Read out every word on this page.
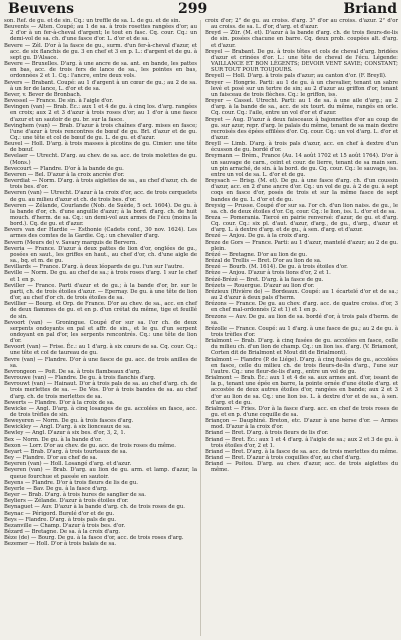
Beuvens	299	Briand

son. Ref. de gu. et de sin. Cq.: un treffle de sa. L. de gu. et de sin.

Beuvents — Alten. Coupé; au 1 de sa. à trois rosettes rangées d'or; au 2 d'or à un fer-à-cheval d'argent; le tout en fasc. Cq. cour. Cq.: un demi-vol de sa. ch. d'une fasce d'or. L. d'or et de sa.

Bevere — Zél. D'or à la fasce de gu., surm. d'un fer-à-cheval d'azur, et acc. de six flanchis de gu. 3 en chef et 3 en p. L.: d'argent et de gu. à sept gu. D'Alsace.

Bevere — Bruxelles. D'arg. à une ancre de sa. ant. en bande, les pattes en bas, acc. de trois fers de lance de sa., les pointes en bas, ordonnées 2 et 1. Cq.: l'ancre, entre deux vols.

Bevers — Brabant. Coupé: au 1 d'argent à un cœur de gu.; au 2 de sa. à un fer de lance, L. d'or et de sa.

Bever, v. Bever de Bronbach.

Bevessel — France. De sin. à l'aigle d'or.

Bevingen (van) — Brab. Éc.: aux 1 et 4 de gu. à cinq los. d'arg. rangées en croix; aux 2 et 3 d'azur à trois roses d'or; au 1 d'or à une fasce d'azur et un sautoir de gu. br. sur la fasce.

Bevinghem (van) — Brab. D'azur à trois chaînes d'arg. mises en fasce; l'une d'azur à trois rencontres de bœuf de gu. Brl. d'azur et de gu. Cq.: une tête et col de bœuf de gu. L. de gu. et d'azur.

Beuvel — Holl. D'arg. à trois masses à picotins de gu. Cimier: une tête de bœuf.

Bevelaer — Utrecht. D'arg. au chev. de sa. acc. de trois molettes de gu. (Mons.)

Bevecourt — Flandre. D'or à la bande de gu.

Beveren — Bel. D'azur à la croix ancrée d'or.

Beverdiat — Norm. D'arg. à trois aiglettes de sa., au chef d'azur, ch. de trois bes. d'or.

Beveren (van) — Utrecht. D'azur à la croix d'or, acc. de trois cerquelets de gu. au milieu d'azur et ch. de trois bes. d'or.

Beveren — Zélande, Courlande (Nob. de Suède, 5 oct. 1604). De gu. à la bande d'or, ch. d'une anguille d'azur; à la bord. d'arg. ch. de huit mouch. d'herm. de sa. Cq.: un demi-vol aux armes de l'écu (moins la bord.). Cq. de gu. et d'azur.

Bevers van der Hardie — Esthonie (Cadets conf., 30 nov. 1624). Les armes des comtes de la Gardie. Cq.: un chevalier d'arg.

Bevern (Meurs de) v. Savary marquis de Bervern.

Beveria — France. D'azur à deux pattes de lion d'or, onglées de gu., posées en saut., les griffes en haut., au chef d'or, ch. d'une aigle de sa., bq. et m. de gu.

Bevillards — France. D'arg. à deux léopards de gu. l'un sur l'autre.

Beville — Norm. De gu. au chef de sa.; à trois roses d'arg. 1 sur le chef et 1 en p.

Beviller — France. Parti d'azur et de gu.; à la bande d'or, br. sur le parti, ch. de trois étoiles d'azur. — Epernay. De gu. à une tête de lion d'or, au chef d'or ch. de trois étoiles de sa.

Bevillier — Bourg. et Orp. de France. D'or au chev. de sa., acc. en chef de deux flammes de gu. et en p. d'un crétat du même, tige et feuillé de sin.

Bevoort (van) — Groningue. Coupé d'or sur sa. l'or ch. de deux serpents ondoyants en pal et affr. de sin., et le gu. d'un serpent ondoyant en pal d'or, les serpents rencontrés. Cq.: une tête de lion d'or.

Bevoort (van) — Frise. Éc.: au 1 d'arg. à six cœurs de sa. Cq. cour. Cq.: une tête et col de taureau de gu.

Bevre (van) — Flandre. D'or à une fasce de gu. acc. de trois anilles de sa.

Bevrongeon — Poit. De sa. à trois flambeaux d'arg.

Bevrouwe (van) — Flandre. De gu. à trois flanchis d'arg.

Bevrouwt (van) — Hainaut. D'or à trois pals de sa. au chef d'arg. ch. de trois merlettes de sa. — De Vos. D'or à trois bandes de sa. au chef d'arg. ch. de trois merlettes de sa.

Bewerts — Flandre. D'or à la croix de sa.

Bewicke — Angl. D'arg. à cinq losanges de gu. accolées en fasce, acc. de trois trèfles de sin.

Beweyeren — Norm. De gu. à trois fasces d'arg.

Bewickley — Angl. D'arg. à six lionceaux de sa.

Bewley — Angl. D'azur à six bes. d'or, 3, 2, 1.

Bex — Norm. De gu. à la bande d'or.

Bexon — Lorr. D'or au chev. de gu. acc. de trois roses du même.

Beyart — Brab. D'arg. à trois tourteaux de sa.

Bey — Flandre. D'or au chef de sa.

Beyeren (van) — Holl. Losangé d'arg. et d'azur.

Beyeren (van) — Brab. D'arg. au lion de gu. arm. et lamp. d'azur, la queue fourchue et passée en sautoir.

Beyens — Flandre. D'or à trois fleurs de lis de gu.

Beyerle — Bav. De gu. à la fasce d'arg.

Beyer — Brab. D'arg. à trois hures de sanglier de sa.

Beyliers — Zélande. D'azur à trois étoiles d'or.

Beynaguet — Auv. D'azur à la bande d'arg. ch. de trois roses de gu.

Beynac — Périgord. Burelé d'or et de gu.

Beys — Flandre. D'arg. à trois pals de gu.

Bezanville — Champ. D'azur à trois bes. d'or.

Bézard — Bretagne. De sa. à la croix d'arg.

Bèze (de) — Bourg. De gu. à la fasce d'or, acc. de trois roses d'arg.

Bezemer — Holl. D'or à trois balais de sa.

croix d'or; 2° de gu. au croiss. d'arg. 3° d'or au croiss. d'azur. 2° d'or au croiss. de sa. L. d'or, d'arg. et d'azur.

Breyd — Zür. (M. et). D'azur à la bande d'arg. ch. de trois fleurs-de-lis de sin. posées chacune en barre. Cq. deux prob. coupées alt. d'arg. et d'azur.

Breyel — Brabant. De gu. à trois têtes et cols de cheval d'arg. bridées d'azur et crinées d'or. L.: une tête de cheval de l'écu. Légende: VAILLANCE ET BON LÉGENTS; DEVOIR VENT SAVIE; CONSTANT; SUR TOUT POUR TOUJOURS.

Breyell — Holl. D'arg. à trois pals d'azur; au canton d'or. (F. Breyll).

Breyer — Hongrie. Parti: au 1 de gu. à un chevalier, tenant un sabre levé et posé sur un tertre de sin; au 2 d'azur au griffon d'or, tenant un faisceau de trois flèches. Cq.: le griffon, iss.

Breyer — Cassel. Utrecht. Parti: au 1 de sa. à une aile d'arg.; au 2 d'arg. à la bande de sa., acc. de six tourt. du même, rangés en orle. Cq. cour. Cq.: l'aile, entre un vol d'or et d'azur.

Breyet — Aug. D'azur à deux faisceaux à bajonnettes d'or au coup de gu. sur azur, repr. d'arg. le palais du même, tenant de sa main dextre recroisés des épées effilées d'or. Cq. cour. Cq.: un vol d'arg. L. d'or et d'azur.

Breyll — Limb. D'arg. à trois pals d'azur, acc. en chef à dextre d'un écusson de gu. bordé d'or.

Breymann — Brém., France (Au. 14 août 1702 et 15 août 1764). D'or à un sauvage de carn., ceint et cour. de lierre, tenant de sa main sen. un pin arraché, de sin. à la bord. de gu. Cq. cour. Cq.: le sauvage, iss. entre un vol de sa. L. d'or et de gu.

Breysach — Brisg. (M. et). De gu. à une fasce d'arg. ch. d'un coussin d'azur, acc. en 2 d'une ancre d'or. Cq.: un vol de gu. à 2 de gu. à sept coqs en fasce d'or, posés de trois et sur la même fasce de sept bandes de gu. L. d'or et de gu.

Breysig — Prusse. Coupé d'or sur sa. l'or ch. d'un lion naiss. de gu., le sa. ch. de deux étoiles d'or. Cq. cour. Cq.: le lion, iss. L. d'or et de sa.

Breza — Pomerania. Tiercé en pairie renversé: d'azur, de gu. et d'arg. Cq. cour. Cq.: six pl. d'aut. d'azur, d'arg., de gu., d'arg., d'azur et d'arg. L. à dextre d'arg. et de gu., à sen. d'arg. et d'azur.

Brezé — Anjou. De gu. à la croix d'arg.

Breze de Gors — France. Parti: au 1 d'azur, mantelé d'azur; au 2 de gu. plein.

Brézé — Bretagne. D'or au lion de gu.

Brézal de Trellis — Bret. D'or au lion de sa.

Brezé — Bourb. (M. 1614). De gu. à trois étoiles d'or.

Brèze — Anjou. D'azur à trois lions d'or, 2 et 1.

Brézé-Brézé — Bret. D'arg. à la fasce de gu.

Brézets — Rouergue. D'azur au lion d'or.

Brézieux (Rivière de) — Bordeaux. Coupé: au 1 écartelé d'or et de sa.; au 2 d'azur à deux pals d'herm.

Brézons — France. De gu. au chev. d'arg. acc. de quatre croiss. d'or, 3 en chef mal-ordonnés (2 et 1) et 1 en p.

Brezons — Auv. De gu. au lion de sa. bordé d'or, à trois pals d'herm. de sa.

Brézolle — France. Coupé: au 1 d'arg. à une fasce de gu.; au 2 de gu. à trois trèfles d'or.

Brialmont — Brab. D'arg. à cinq fusées de gu. accolées en fasce, celle du milieu ch. d'un lion de champ. Cq.: un lion iss. d'arg. (V. Briamont, Corten dit de Brialmont et Mout dit de Brialmont).

Brialmont — Flandre (P. de Liége). D'arg. à cinq fusées de gu., accolées en fasce, celle du milieu ch. de trois fleurs-de-lis d'arg., l'une sur l'autre. Cq.: une fleur-de-lis d'arg., entre un vol de gu.

Brialmont — Brab. Éc.: aux 1 et 4 de sa. aux armes ant. d'or, issant de la p., tenant une épée en barre, la pointe ornée d'une étoile d'arg. et accostée de deux autres étoiles d'or, rangées en bande; aux 2 et 3 d'or au lion de sa. Cq.: une lion iss. L. à dextre d'or et de sa., à sen. d'arg. et de gu.

Brialmont — Fries. D'or à la fasce d'arg. acc. en chef de trois roses de gu. et en p. d'une coquille de sa.

Briançon — Dauphiné. Breton, etc. D'azur à une herse d'or. — Armes mod. D'azur à la croix d'or.

Briand — Bret. D'arg. à trois fleurs de lis d'or.

Briand — Bret. Éc.: aux 1 et 4 d'arg. à l'aigle de sa.; aux 2 et 3 de gu. à trois étoiles d'or, 2 et 1.

Briand — Bret. D'arg. à la fasce de sa. acc. de trois merlettes du même.

Briand — Bret. D'azur à trois coquilles d'or, au chef d'arg.

Briand — Poitou. D'arg. au chev. d'azur, acc. de trois aiglettes du même.
